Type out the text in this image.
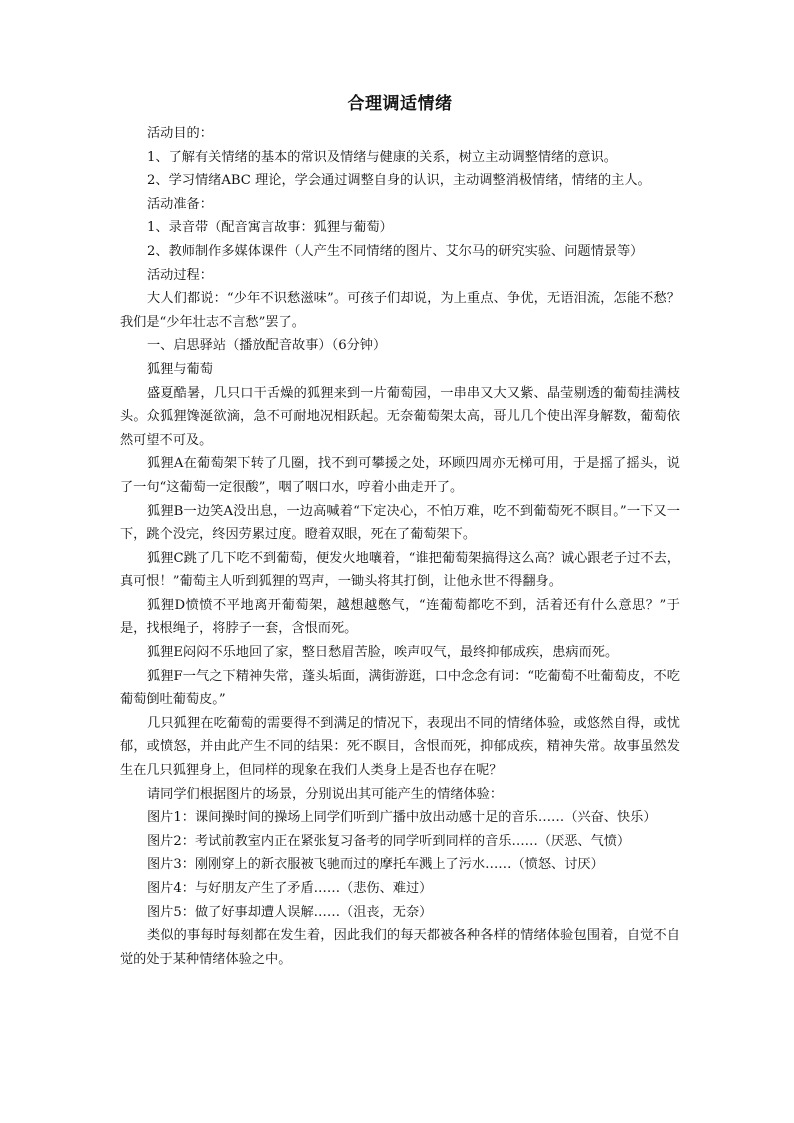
合理调适情绪

活动目的：

1、了解有关情绪的基本的常识及情绪与健康的关系，树立主动调整情绪的意识。

2、学习情绪ABC 理论，学会通过调整自身的认识，主动调整消极情绪，情绪的主人。

活动准备：

1、录音带（配音寓言故事：狐狸与葡萄）

2、教师制作多媒体课件（人产生不同情绪的图片、艾尔马的研究实验、问题情景等）

活动过程：

大人们都说：“少年不识愁滋味”。可孩子们却说，为上重点、争优，无语泪流，怎能不愁？我们是“少年壮志不言愁”罢了。

一、启思驿站（播放配音故事）（6分钟）

狐狸与葡萄

盛夏酷暑，几只口干舌燥的狐狸来到一片葡萄园，一串串又大又紫、晶莹剔透的葡萄挂满枝头。众狐狸馋涎欲滴，急不可耐地况相跃起。无奈葡萄架太高，哥儿几个使出浑身解数，葡萄依然可望不可及。

狐狸A在葡萄架下转了几圈，找不到可攀援之处，环顾四周亦无梯可用，于是摇了摇头，说了一句“这葡萄一定很酸”，咽了咽口水，哼着小曲走开了。

狐狸B一边笑A没出息，一边高喊着“下定决心，不怕万难，吃不到葡萄死不瞑目。”一下又一下，跳个没完，终因劳累过度。瞪着双眼，死在了葡萄架下。

狐狸C跳了几下吃不到葡萄，便发火地嚷着，“谁把葡萄架搞得这么高？诚心跟老子过不去，真可恨！”葡萄主人听到狐狸的骂声，一锄头将其打倒，让他永世不得翻身。

狐狸D愤愤不平地离开葡萄架，越想越憋气，“连葡萄都吃不到，活着还有什么意思？”于是，找根绳子，将脖子一套，含恨而死。

狐狸E闷闷不乐地回了家，整日愁眉苦脸，唉声叹气，最终抑郁成疾，患病而死。

狐狸F一气之下精神失常，蓬头垢面，满街游逛，口中念念有词：“吃葡萄不吐葡萄皮，不吃葡萄倒吐葡萄皮。”

几只狐狸在吃葡萄的需要得不到满足的情况下，表现出不同的情绪体验，或悠然自得，或忧郁，或愤怒，并由此产生不同的结果：死不瞑目，含恨而死，抑郁成疾，精神失常。故事虽然发生在几只狐狸身上，但同样的现象在我们人类身上是否也存在呢？

请同学们根据图片的场景，分别说出其可能产生的情绪体验：

图片1：课间操时间的操场上同学们听到广播中放出动感十足的音乐……（兴奋、快乐）

图片2：考试前教室内正在紧张复习备考的同学听到同样的音乐……（厌恶、气愤）

图片3：刚刚穿上的新衣服被飞驰而过的摩托车溅上了污水……（愤怒、讨厌）

图片4：与好朋友产生了矛盾……（悲伤、难过）

图片5：做了好事却遭人误解……（沮丧，无奈）

类似的事每时每刻都在发生着，因此我们的每天都被各种各样的情绪体验包围着，自觉不自觉的处于某种情绪体验之中。
